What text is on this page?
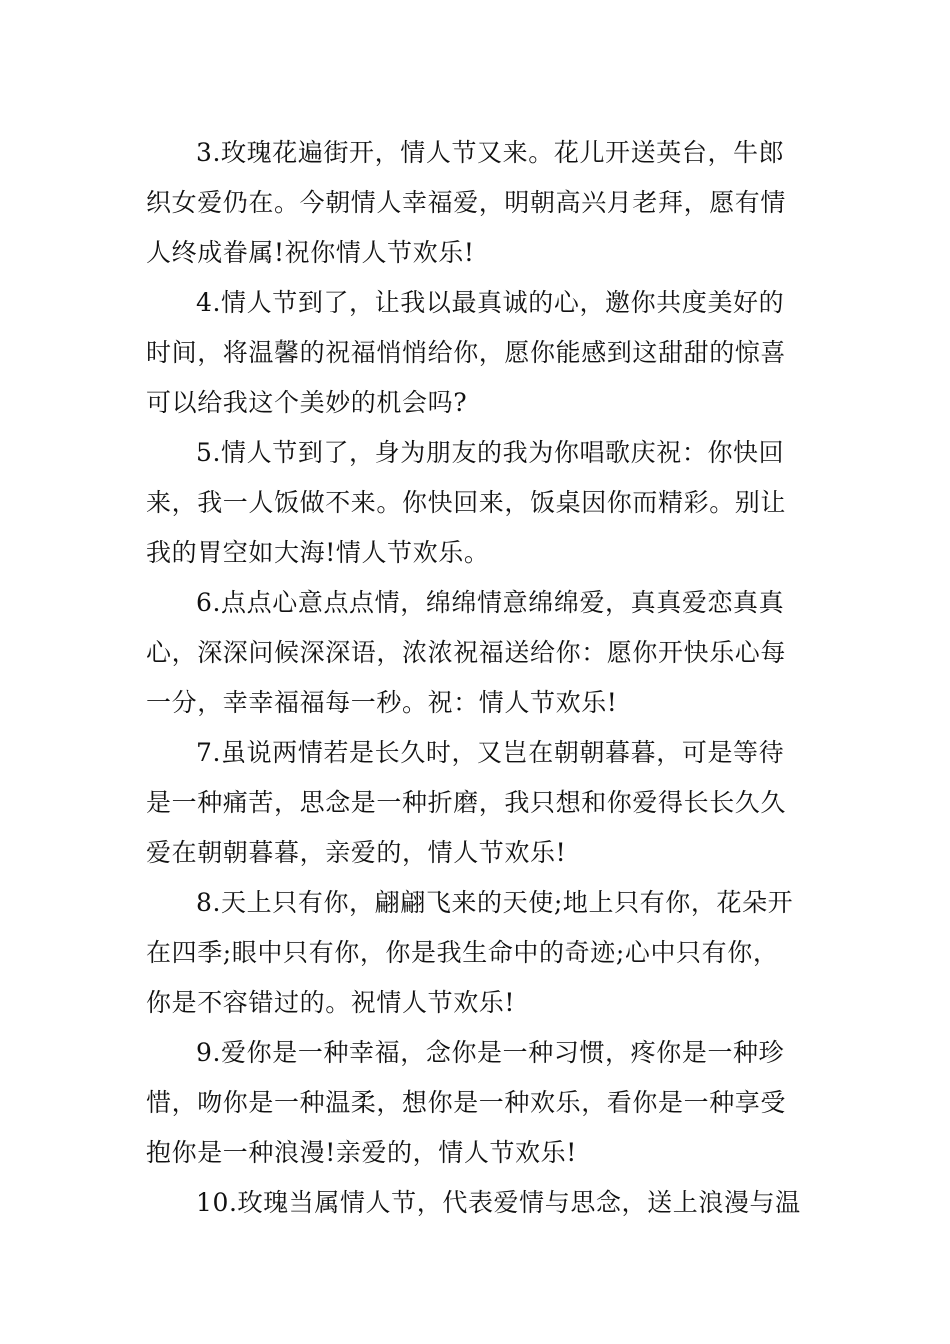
3.玫瑰花遍街开，情人节又来。花儿开送英台，牛郎
织女爱仍在。今朝情人幸福爱，明朝高兴月老拜，愿有情
人终成眷属!祝你情人节欢乐!
4.情人节到了，让我以最真诚的心，邀你共度美好的
时间，将温馨的祝福悄悄给你，愿你能感到这甜甜的惊喜
可以给我这个美妙的机会吗?
5.情人节到了，身为朋友的我为你唱歌庆祝：你快回
来，我一人饭做不来。你快回来，饭桌因你而精彩。别让
我的胃空如大海!情人节欢乐。
6.点点心意点点情，绵绵情意绵绵爱，真真爱恋真真
心，深深问候深深语，浓浓祝福送给你：愿你开快乐心每
一分，幸幸福福每一秒。祝：情人节欢乐!
7.虽说两情若是长久时，又岂在朝朝暮暮，可是等待
是一种痛苦，思念是一种折磨，我只想和你爱得长长久久
爱在朝朝暮暮，亲爱的，情人节欢乐!
8.天上只有你，翩翩飞来的天使;地上只有你，花朵开
在四季;眼中只有你，你是我生命中的奇迹;心中只有你，
你是不容错过的。祝情人节欢乐!
9.爱你是一种幸福，念你是一种习惯，疼你是一种珍
惜，吻你是一种温柔，想你是一种欢乐，看你是一种享受
抱你是一种浪漫!亲爱的，情人节欢乐!
10.玫瑰当属情人节，代表爱情与思念，送上浪漫与温
